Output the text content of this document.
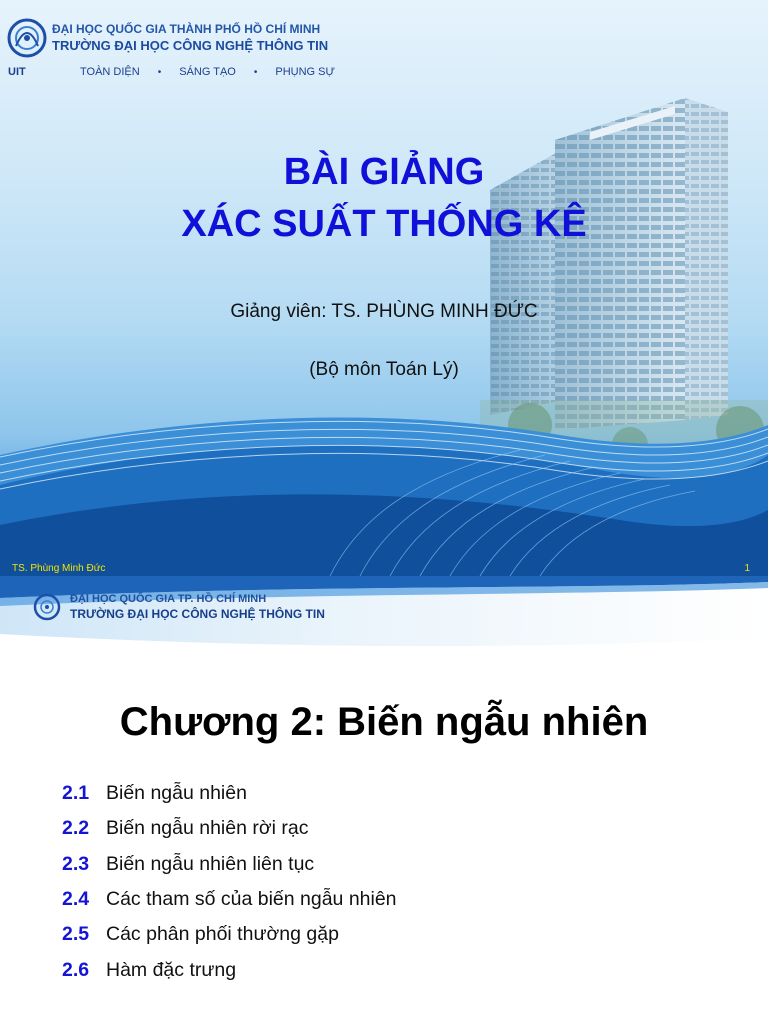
UIT
ĐẠI HỌC QUỐC GIA THÀNH PHỐ HỒ CHÍ MINH
TRƯỜNG ĐẠI HỌC CÔNG NGHỆ THÔNG TIN
TOÀN DIỆN • SÁNG TẠO • PHỤNG SỰ
BÀI GIẢNG
XÁC SUẤT THỐNG KÊ

Giảng viên: TS. PHÙNG MINH ĐỨC

(Bộ môn Toán Lý)

TS. Phùng Minh Đức	1
ĐẠI HỌC QUỐC GIA TP. HỒ CHÍ MINH
TRƯỜNG ĐẠI HỌC CÔNG NGHỆ THÔNG TIN
Chương 2: Biến ngẫu nhiên
2.1 Biến ngẫu nhiên
2.2 Biến ngẫu nhiên rời rạc
2.3 Biến ngẫu nhiên liên tục
2.4 Các tham số của biến ngẫu nhiên
2.5 Các phân phối thường gặp
2.6 Hàm đặc trưng
